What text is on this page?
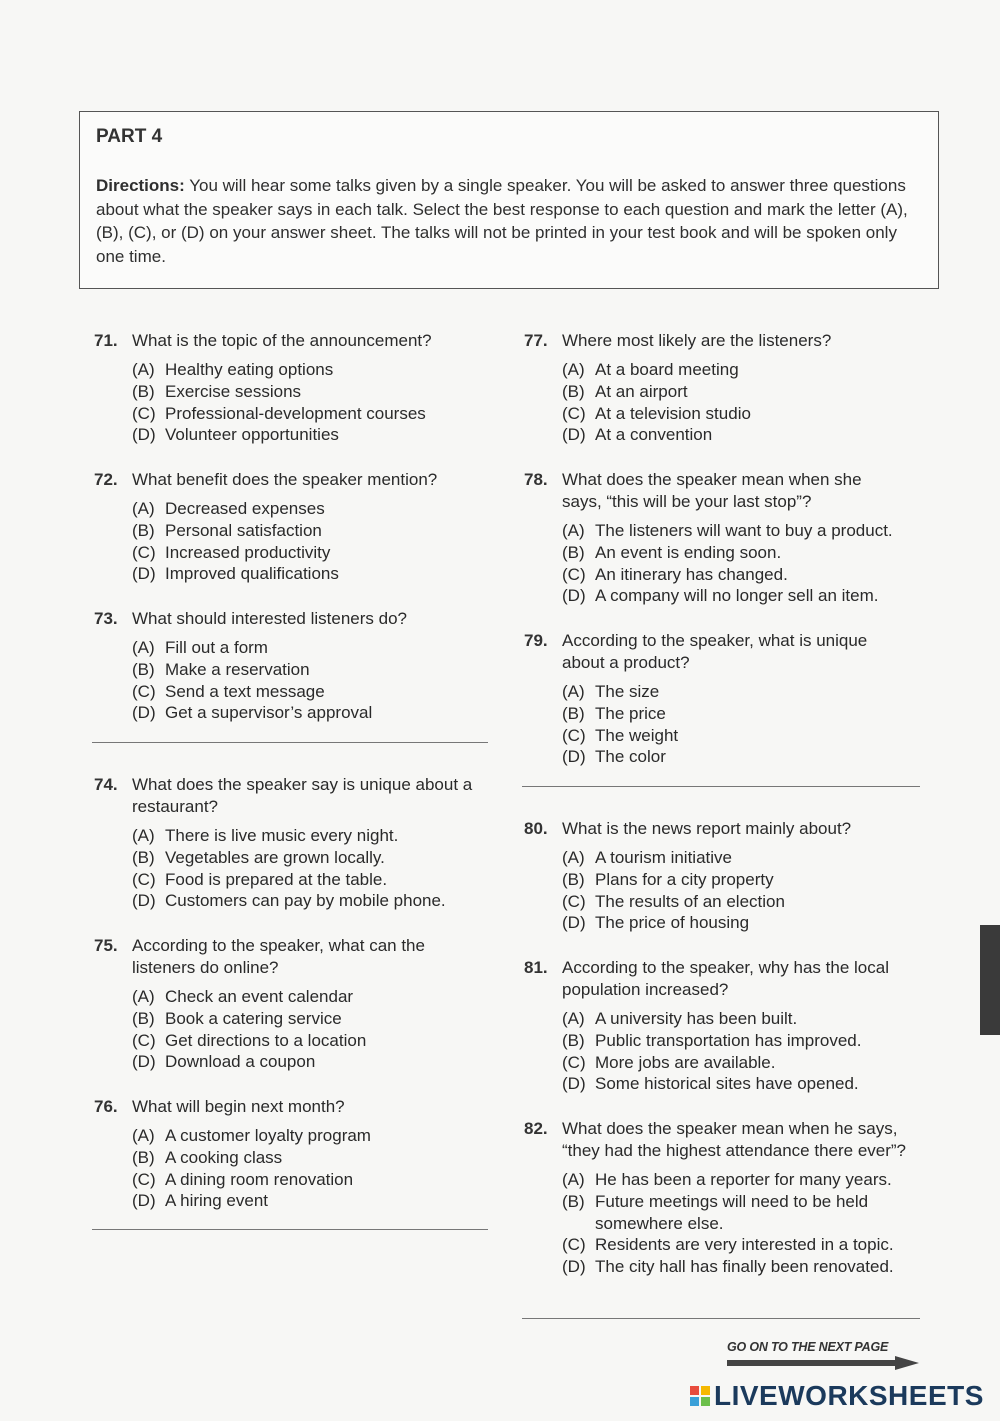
PART 4

Directions: You will hear some talks given by a single speaker. You will be asked to answer three questions about what the speaker says in each talk. Select the best response to each question and mark the letter (A), (B), (C), or (D) on your answer sheet. The talks will not be printed in your test book and will be spoken only one time.

71. What is the topic of the announcement?
(A) Healthy eating options
(B) Exercise sessions
(C) Professional-development courses
(D) Volunteer opportunities
72. What benefit does the speaker mention?
(A) Decreased expenses
(B) Personal satisfaction
(C) Increased productivity
(D) Improved qualifications
73. What should interested listeners do?
(A) Fill out a form
(B) Make a reservation
(C) Send a text message
(D) Get a supervisor’s approval
74. What does the speaker say is unique about a restaurant?
(A) There is live music every night.
(B) Vegetables are grown locally.
(C) Food is prepared at the table.
(D) Customers can pay by mobile phone.
75. According to the speaker, what can the listeners do online?
(A) Check an event calendar
(B) Book a catering service
(C) Get directions to a location
(D) Download a coupon
76. What will begin next month?
(A) A customer loyalty program
(B) A cooking class
(C) A dining room renovation
(D) A hiring event
77. Where most likely are the listeners?
(A) At a board meeting
(B) At an airport
(C) At a television studio
(D) At a convention
78. What does the speaker mean when she says, “this will be your last stop”?
(A) The listeners will want to buy a product.
(B) An event is ending soon.
(C) An itinerary has changed.
(D) A company will no longer sell an item.
79. According to the speaker, what is unique about a product?
(A) The size
(B) The price
(C) The weight
(D) The color
80. What is the news report mainly about?
(A) A tourism initiative
(B) Plans for a city property
(C) The results of an election
(D) The price of housing
81. According to the speaker, why has the local population increased?
(A) A university has been built.
(B) Public transportation has improved.
(C) More jobs are available.
(D) Some historical sites have opened.
82. What does the speaker mean when he says, “they had the highest attendance there ever”?
(A) He has been a reporter for many years.
(B) Future meetings will need to be held somewhere else.
(C) Residents are very interested in a topic.
(D) The city hall has finally been renovated.
GO ON TO THE NEXT PAGE
LIVEWORKSHEETS
